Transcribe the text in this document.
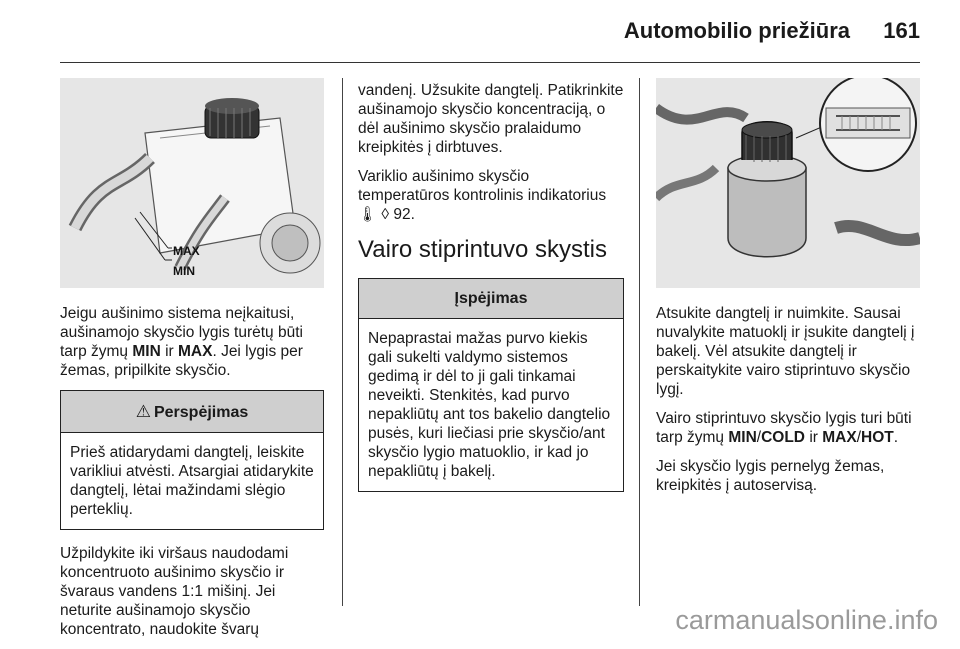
Automobilio priežiūra 161
MAX
MIN

Jeigu aušinimo sistema neįkaitusi, aušinamojo skysčio lygis turėtų būti tarp žymų MIN ir MAX. Jei lygis per žemas, pripilkite skysčio.

⚠ Perspėjimas
Prieš atidarydami dangtelį, leiskite varikliui atvėsti. Atsargiai atidarykite dangtelį, lėtai mažindami slėgio perteklių.

Užpildykite iki viršaus naudodami koncentruoto aušinimo skysčio ir švaraus vandens 1:1 mišinį. Jei neturite aušinamojo skysčio koncentrato, naudokite švarų

vandenį. Užsukite dangtelį. Patikrinkite aušinamojo skysčio koncentraciją, o dėl aušinimo skysčio pralaidumo kreipkitės į dirbtuves.

Variklio aušinimo skysčio temperatūros kontrolinis indikatorius
🌡 ◊ 92.

Vairo stiprintuvo skystis
Įspėjimas
Nepaprastai mažas purvo kiekis gali sukelti valdymo sistemos gedimą ir dėl to ji gali tinkamai neveikti. Stenkitės, kad purvo nepakliūtų ant tos bakelio dangtelio pusės, kuri liečiasi prie skysčio/ant skysčio lygio matuoklio, ir kad jo nepakliūtų į bakelį.

Atsukite dangtelį ir nuimkite. Sausai nuvalykite matuoklį ir įsukite dangtelį į bakelį. Vėl atsukite dangtelį ir perskaitykite vairo stiprintuvo skysčio lygį.

Vairo stiprintuvo skysčio lygis turi būti tarp žymų MIN/COLD ir MAX/HOT.

Jei skysčio lygis pernelyg žemas, kreipkitės į autoservisą.

carmanualsonline.info
